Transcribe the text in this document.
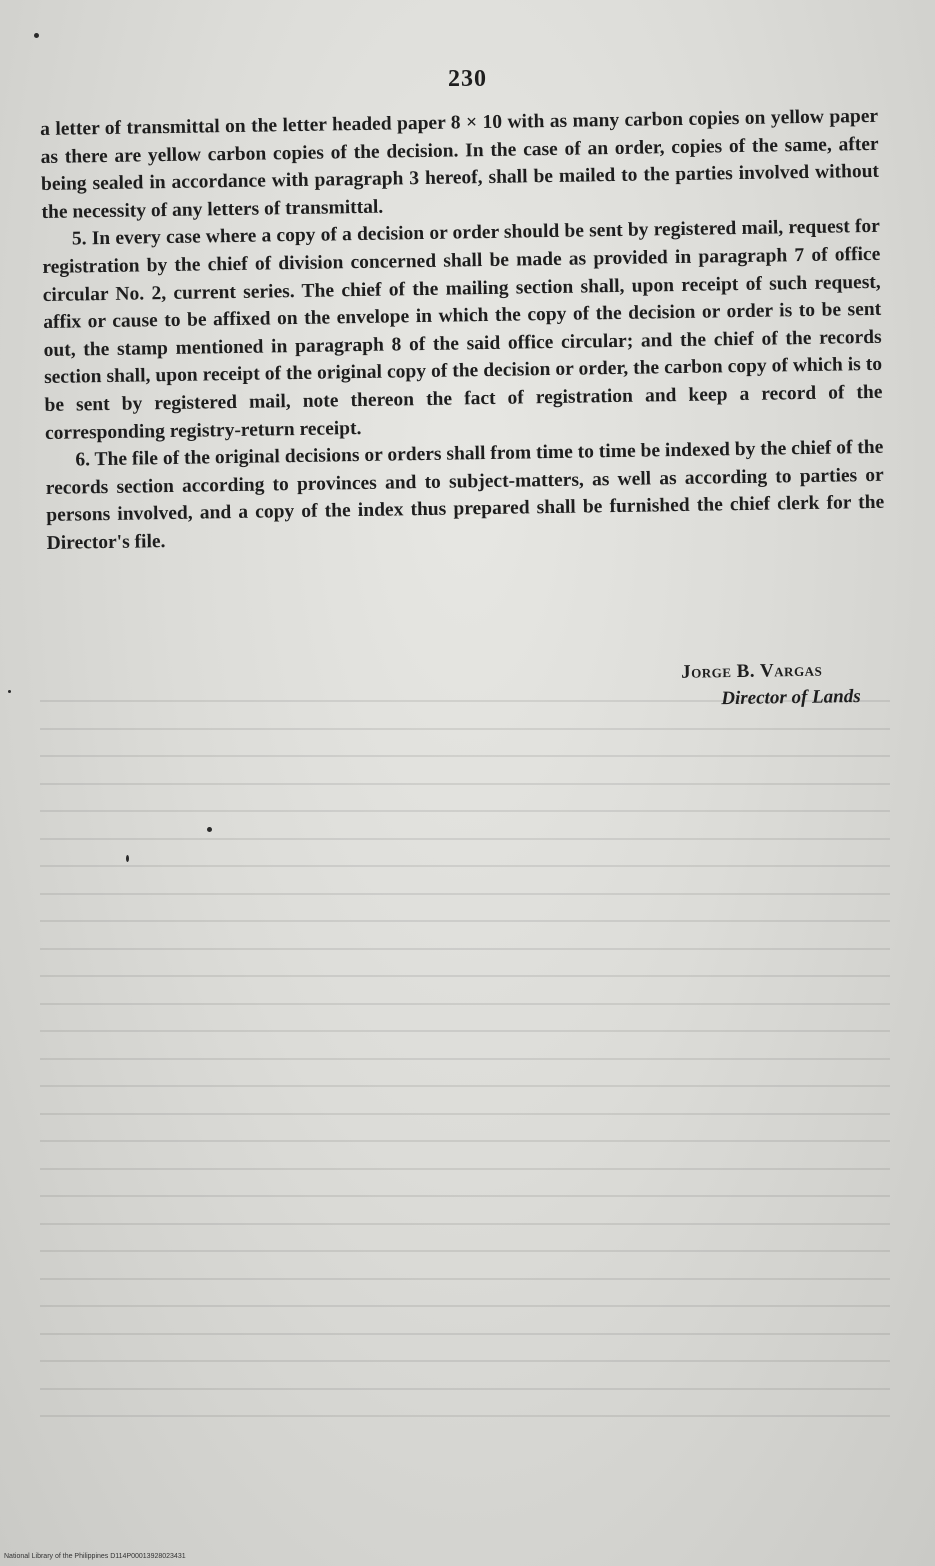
230

a letter of transmittal on the letter headed paper 8 × 10 with as many carbon copies on yellow paper as there are yellow carbon copies of the decision. In the case of an order, copies of the same, after being sealed in accordance with paragraph 3 hereof, shall be mailed to the parties involved without the necessity of any letters of transmittal.

5. In every case where a copy of a decision or order should be sent by registered mail, request for registration by the chief of division concerned shall be made as provided in paragraph 7 of office circular No. 2, current series. The chief of the mailing section shall, upon receipt of such request, affix or cause to be affixed on the envelope in which the copy of the decision or order is to be sent out, the stamp mentioned in paragraph 8 of the said office circular; and the chief of the records section shall, upon receipt of the original copy of the decision or order, the carbon copy of which is to be sent by registered mail, note thereon the fact of registration and keep a record of the corresponding registry-return receipt.

6. The file of the original decisions or orders shall from time to time be indexed by the chief of the records section according to provinces and to subject-matters, as well as according to parties or persons involved, and a copy of the index thus prepared shall be furnished the chief clerk for the Director's file.

Jorge B. Vargas
Director of Lands
National Library of the Philippines D114P00013928023431
